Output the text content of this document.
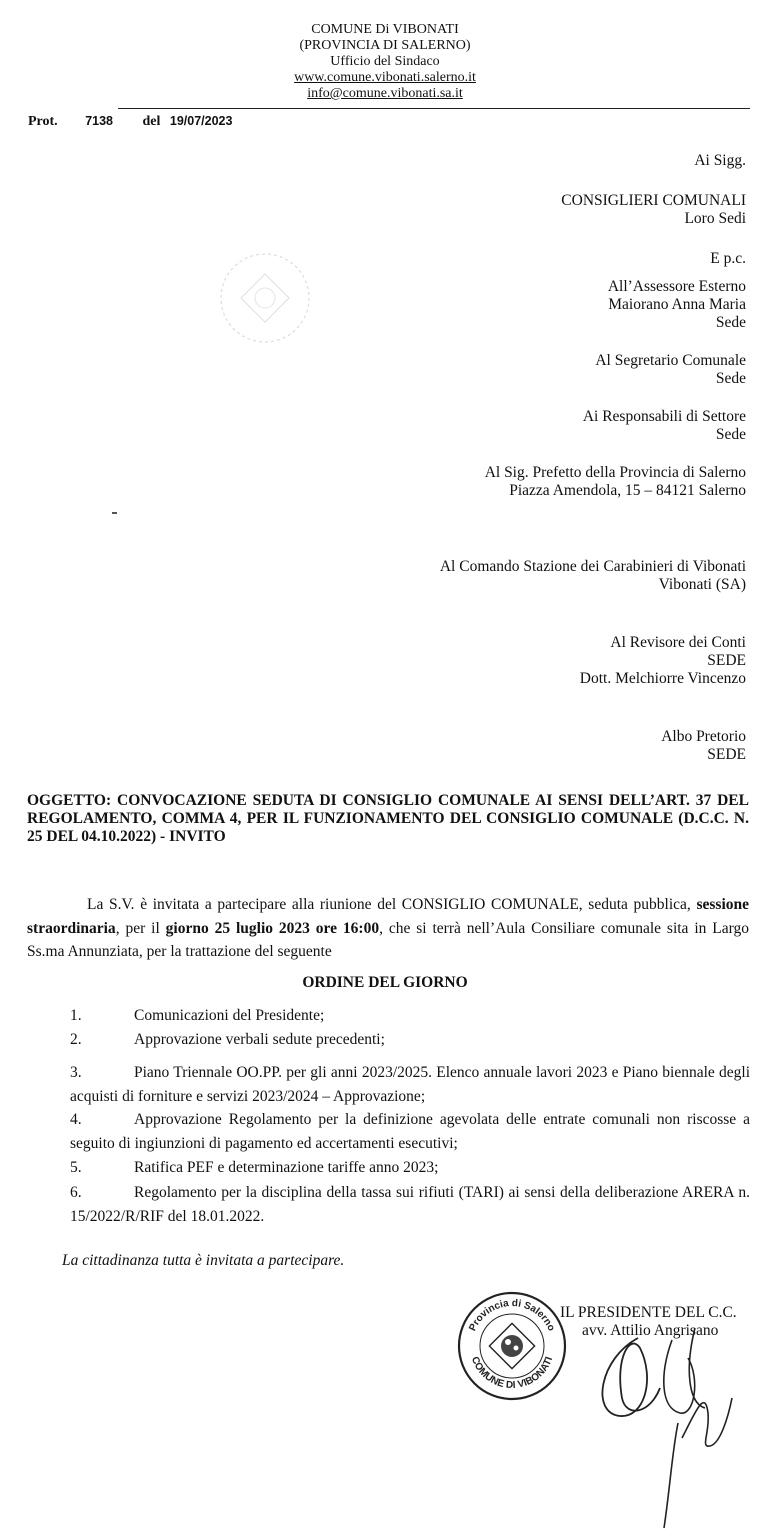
COMUNE Di VIBONATI
(PROVINCIA DI SALERNO)
Ufficio del Sindaco
www.comune.vibonati.salerno.it
info@comune.vibonati.sa.it
Prot. 7138 del 19/07/2023
Ai Sigg.
CONSIGLIERI COMUNALI
Loro Sedi
E p.c.
All’Assessore Esterno
Maiorano Anna Maria
Sede
Al Segretario Comunale
Sede
Ai Responsabili di Settore
Sede
Al Sig. Prefetto della Provincia di Salerno
Piazza Amendola, 15 – 84121 Salerno
Al Comando Stazione dei Carabinieri di Vibonati
Vibonati (SA)
Al Revisore dei Conti
SEDE
Dott. Melchiorre Vincenzo
Albo Pretorio
SEDE
OGGETTO: CONVOCAZIONE SEDUTA DI CONSIGLIO COMUNALE AI SENSI DELL’ART. 37 DEL REGOLAMENTO, COMMA 4, PER IL FUNZIONAMENTO DEL CONSIGLIO COMUNALE (D.C.C. N. 25 DEL 04.10.2022) - INVITO

La S.V. è invitata a partecipare alla riunione del CONSIGLIO COMUNALE, seduta pubblica, sessione straordinaria, per il giorno 25 luglio 2023 ore 16:00, che si terrà nell’Aula Consiliare comunale sita in Largo Ss.ma Annunziata, per la trattazione del seguente

ORDINE DEL GIORNO
1.	Comunicazioni del Presidente;
2.	Approvazione verbali sedute precedenti;
3.	Piano Triennale OO.PP. per gli anni 2023/2025. Elenco annuale lavori 2023 e Piano biennale degli acquisti di forniture e servizi 2023/2024 – Approvazione;
4.	Approvazione Regolamento per la definizione agevolata delle entrate comunali non riscosse a seguito di ingiunzioni di pagamento ed accertamenti esecutivi;
5.	Ratifica PEF e determinazione tariffe anno 2023;
6.	Regolamento per la disciplina della tassa sui rifiuti (TARI) ai sensi della deliberazione ARERA n. 15/2022/R/RIF del 18.01.2022.
La cittadinanza tutta è invitata a partecipare.
Provincia di Salerno
COMUNE DI VIBONATI
IL PRESIDENTE DEL C.C.
avv. Attilio Angrisano
